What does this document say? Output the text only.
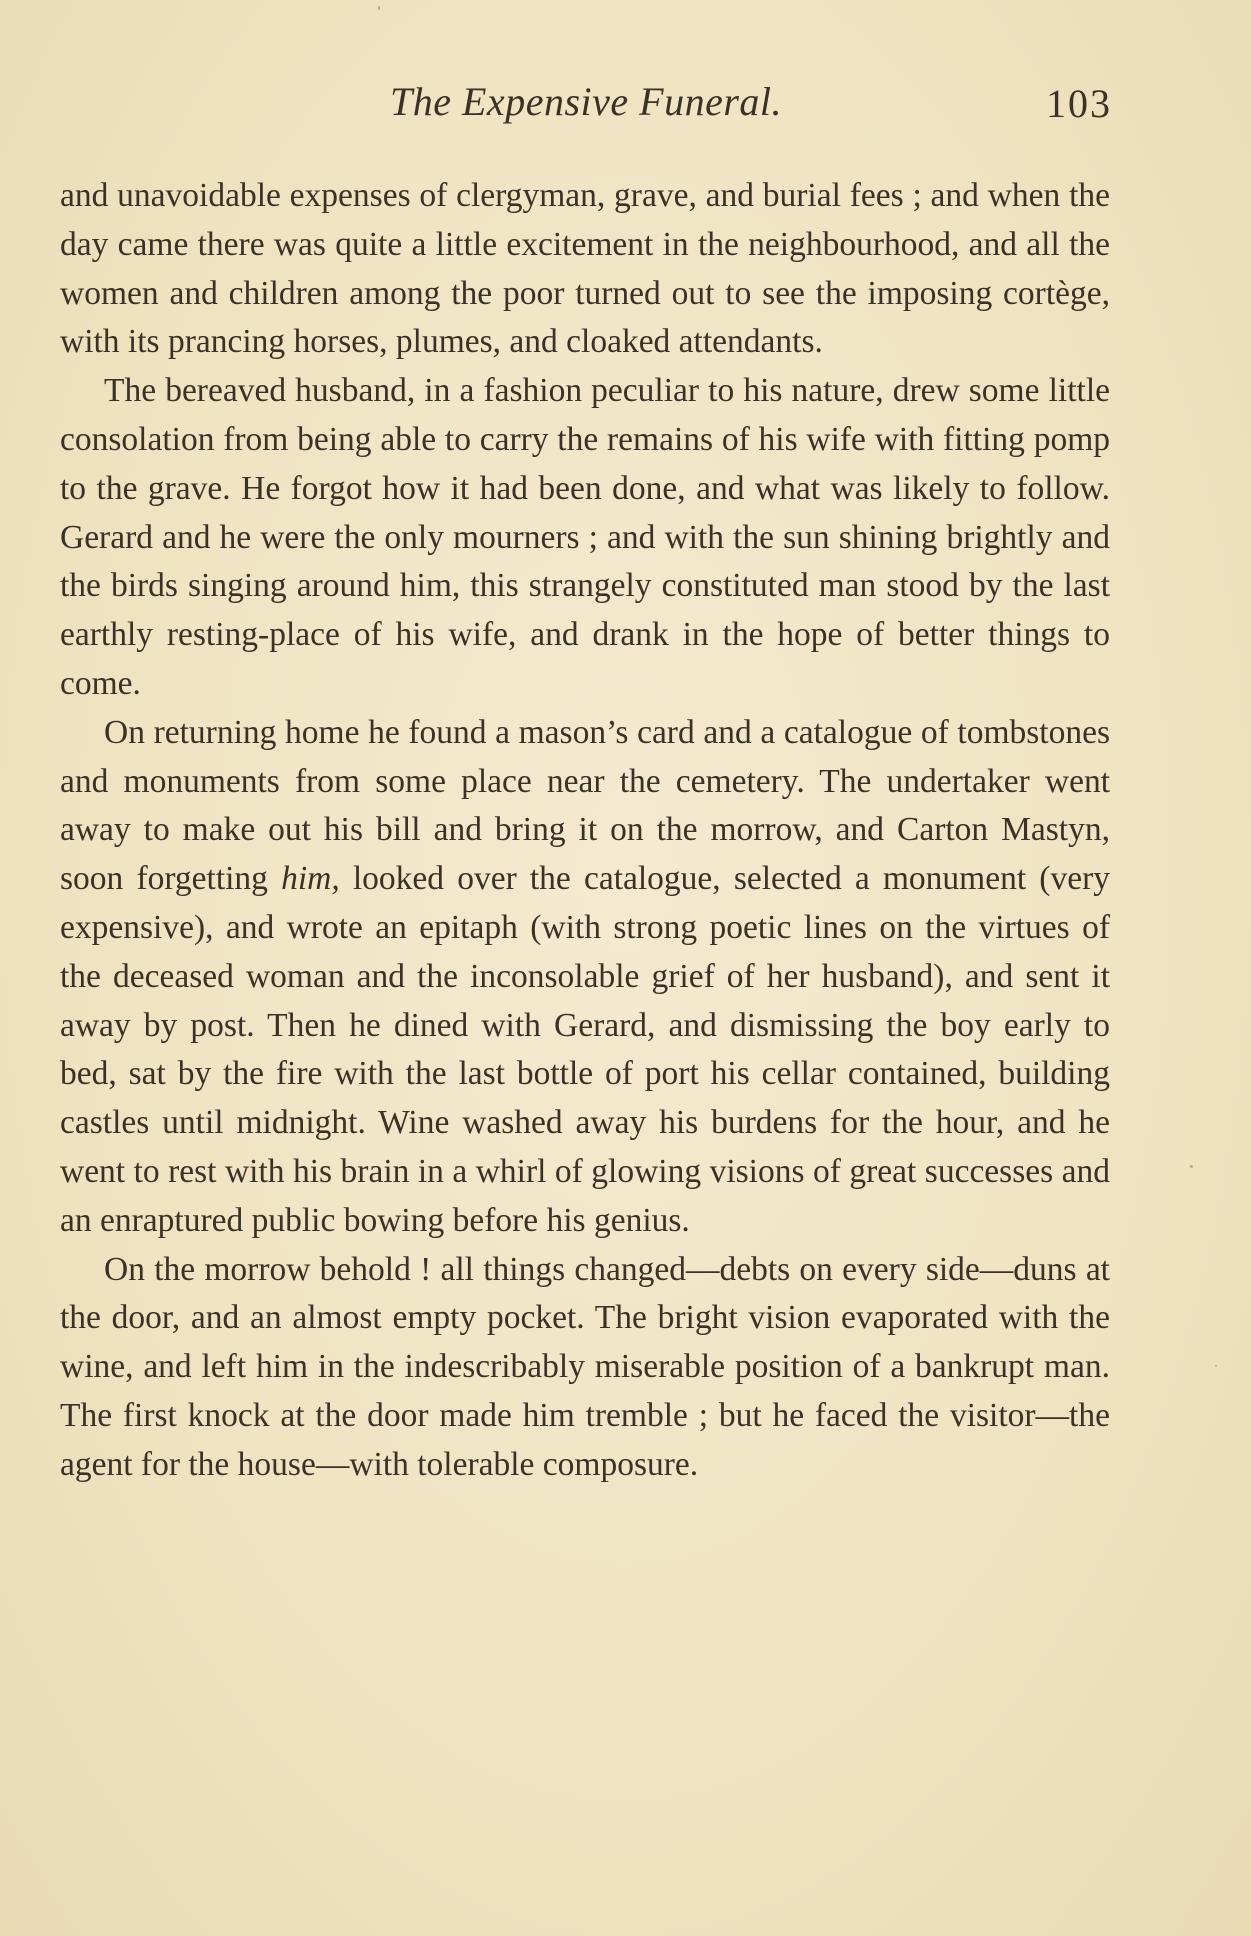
The Expensive Funeral.	103

and unavoidable expenses of clergyman, grave, and burial fees ; and when the day came there was quite a little excitement in the neighbourhood, and all the women and children among the poor turned out to see the imposing cortège, with its prancing horses, plumes, and cloaked attendants.

The bereaved husband, in a fashion peculiar to his nature, drew some little consolation from being able to carry the remains of his wife with fitting pomp to the grave. He forgot how it had been done, and what was likely to follow. Gerard and he were the only mourners ; and with the sun shining brightly and the birds singing around him, this strangely constituted man stood by the last earthly resting-place of his wife, and drank in the hope of better things to come.

On returning home he found a mason’s card and a catalogue of tombstones and monuments from some place near the cemetery. The undertaker went away to make out his bill and bring it on the morrow, and Carton Mastyn, soon forgetting him, looked over the catalogue, selected a monument (very expensive), and wrote an epitaph (with strong poetic lines on the virtues of the deceased woman and the inconsolable grief of her husband), and sent it away by post. Then he dined with Gerard, and dismissing the boy early to bed, sat by the fire with the last bottle of port his cellar contained, building castles until midnight. Wine washed away his burdens for the hour, and he went to rest with his brain in a whirl of glowing visions of great successes and an enraptured public bowing before his genius.

On the morrow behold ! all things changed—debts on every side—duns at the door, and an almost empty pocket. The bright vision evaporated with the wine, and left him in the indescribably miserable position of a bankrupt man. The first knock at the door made him tremble ; but he faced the visitor—the agent for the house—with tolerable composure.
